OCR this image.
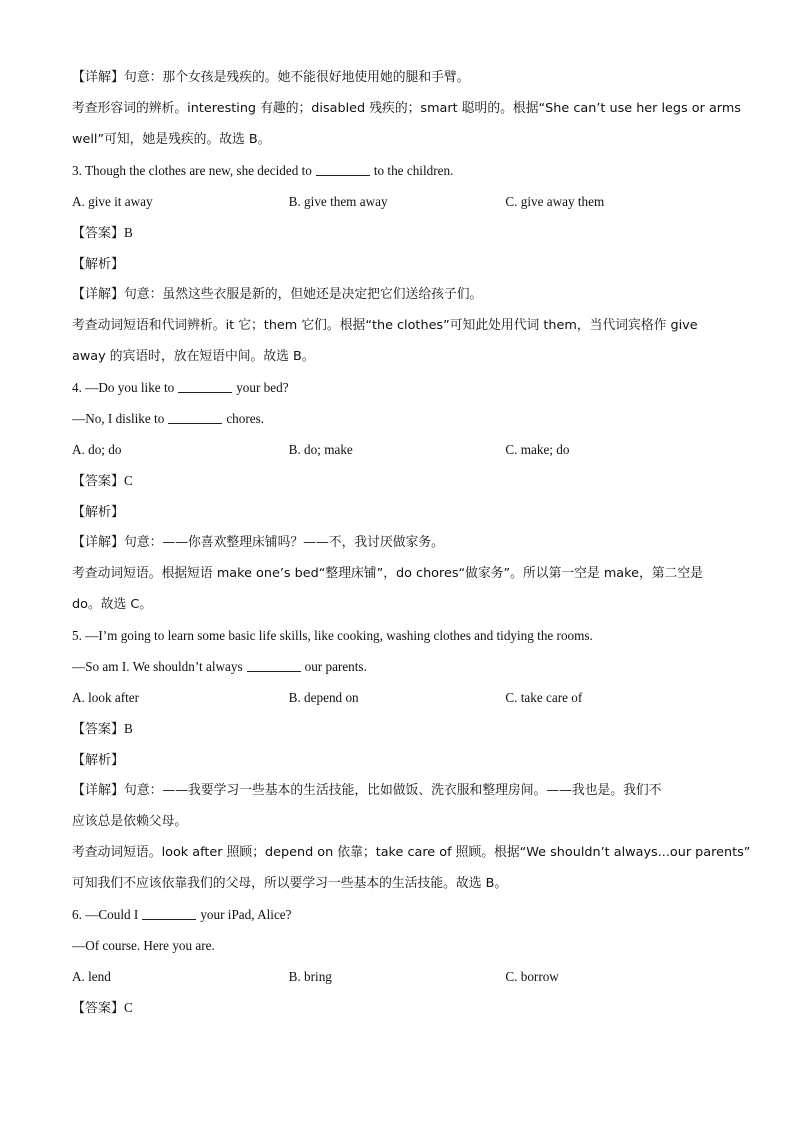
【详解】句意：那个女孩是残疾的。她不能很好地使用她的腿和手臂。
考查形容词的辨析。interesting 有趣的；disabled 残疾的；smart 聪明的。根据“She can’t use her legs or arms
well”可知，她是残疾的。故选 B。
3. Though the clothes are new, she decided to	to the children.
A. give it away	B. give them away	C. give away them
【答案】B
【解析】
【详解】句意：虽然这些衣服是新的，但她还是决定把它们送给孩子们。
考查动词短语和代词辨析。it 它；them 它们。根据“the clothes”可知此处用代词 them，当代词宾格作 give
away 的宾语时，放在短语中间。故选 B。
4. —Do you like to	your bed?
—No, I dislike to	chores.
A. do; do	B. do; make	C. make; do
【答案】C
【解析】
【详解】句意：——你喜欢整理床铺吗？——不，我讨厌做家务。
考查动词短语。根据短语 make one’s bed“整理床铺”，do chores“做家务”。所以第一空是 make，第二空是
do。故选 C。
5. —I’m going to learn some basic life skills, like cooking, washing clothes and tidying the rooms.
—So am I. We shouldn’t always	our parents.
A. look after	B. depend on	C. take care of
【答案】B
【解析】
【详解】句意：——我要学习一些基本的生活技能，比如做饭、洗衣服和整理房间。——我也是。我们不
应该总是依赖父母。
考查动词短语。look after 照顾；depend on 依靠；take care of 照顾。根据“We shouldn’t always...our parents”
可知我们不应该依靠我们的父母，所以要学习一些基本的生活技能。故选 B。
6. —Could I	your iPad, Alice?
—Of course. Here you are.
A. lend	B. bring	C. borrow
【答案】C
